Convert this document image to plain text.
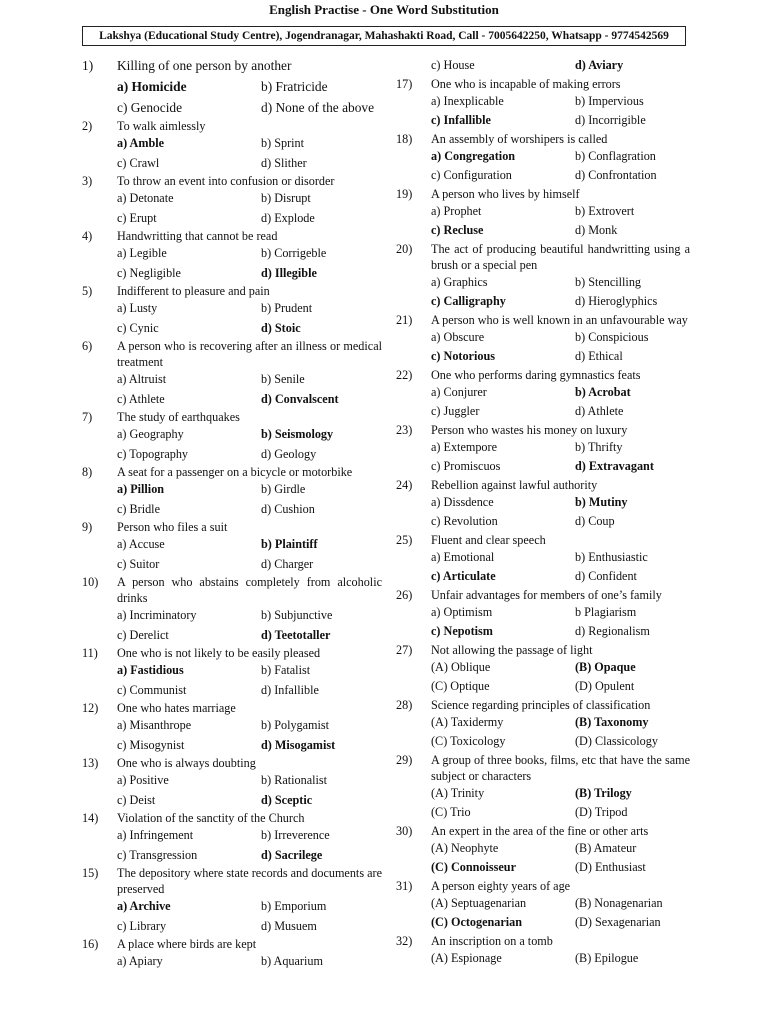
English Practise - One Word Substitution
Lakshya (Educational Study Centre), Jogendranagar, Mahashakti Road, Call - 7005642250, Whatsapp - 9774542569
1)	Killing of one person by another
a) Homicide	b) Fratricide
c) Genocide	d) None of the above
2)	To walk aimlessly
a) Amble	b) Sprint
c) Crawl	d) Slither
3)	To throw an event into confusion or disorder
a) Detonate	b) Disrupt
c) Erupt	d) Explode
4)	Handwritting that cannot be read
a) Legible	b) Corrigeble
c) Negligible	d) Illegible
5)	Indifferent to pleasure and pain
a) Lusty	b) Prudent
c) Cynic	d) Stoic
6)	A person who is recovering after an illness or medical treatment
a) Altruist	b) Senile
c) Athlete	d) Convalscent
7)	The study of earthquakes
a) Geography	b) Seismology
c) Topography	d) Geology
8)	A seat for a passenger on a bicycle or motorbike
a) Pillion	b) Girdle
c) Bridle	d) Cushion
9)	Person who files a suit
a) Accuse	b) Plaintiff
c) Suitor	d) Charger
10)	A person who abstains completely from alcoholic drinks
a) Incriminatory	b) Subjunctive
c) Derelict	d) Teetotaller
11)	One who is not likely to be easily pleased
a) Fastidious	b) Fatalist
c) Communist	d) Infallible
12)	One who hates marriage
a) Misanthrope	b) Polygamist
c) Misogynist	d) Misogamist
13)	One who is always doubting
a) Positive	b) Rationalist
c) Deist	d) Sceptic
14)	Violation of the sanctity of the Church
a) Infringement	b) Irreverence
c) Transgression	d) Sacrilege
15)	The depository where state records and documents are preserved
a) Archive	b) Emporium
c) Library	d) Musuem
16)	A place where birds are kept
a) Apiary	b) Aquarium
c) House	d) Aviary
17)	One who is incapable of making errors
a) Inexplicable	b) Impervious
c) Infallible	d) Incorrigible
18)	An assembly of worshipers is called
a) Congregation	b) Conflagration
c) Configuration	d) Confrontation
19)	A person who lives by himself
a) Prophet	b) Extrovert
c) Recluse	d) Monk
20)	The act of producing beautiful handwritting using a brush or a special pen
a) Graphics	b) Stencilling
c) Calligraphy	d) Hieroglyphics
21)	A person who is well known in an unfavourable way
a) Obscure	b) Conspicious
c) Notorious	d) Ethical
22)	One who performs daring gymnastics feats
a) Conjurer	b) Acrobat
c) Juggler	d) Athlete
23)	Person who wastes his money on luxury
a) Extempore	b) Thrifty
c) Promiscuos	d) Extravagant
24)	Rebellion against lawful authority
a) Dissdence	b) Mutiny
c) Revolution	d) Coup
25)	Fluent and clear speech
a) Emotional	b) Enthusiastic
c) Articulate	d) Confident
26)	Unfair advantages for members of one’s family
a) Optimism	b Plagiarism
c) Nepotism	d) Regionalism
27)	Not allowing the passage of light
(A) Oblique	(B) Opaque
(C) Optique	(D) Opulent
28)	Science regarding principles of classification
(A) Taxidermy	(B) Taxonomy
(C) Toxicology	(D) Classicology
29)	A group of three books, films, etc that have the same subject or characters
(A) Trinity	(B) Trilogy
(C) Trio	(D) Tripod
30)	An expert in the area of the fine or other arts
(A) Neophyte	(B) Amateur
(C) Connoisseur	(D) Enthusiast
31)	A person eighty years of age
(A) Septuagenarian	(B) Nonagenarian
(C) Octogenarian	(D) Sexagenarian
32)	An inscription on a tomb
(A) Espionage	(B) Epilogue
